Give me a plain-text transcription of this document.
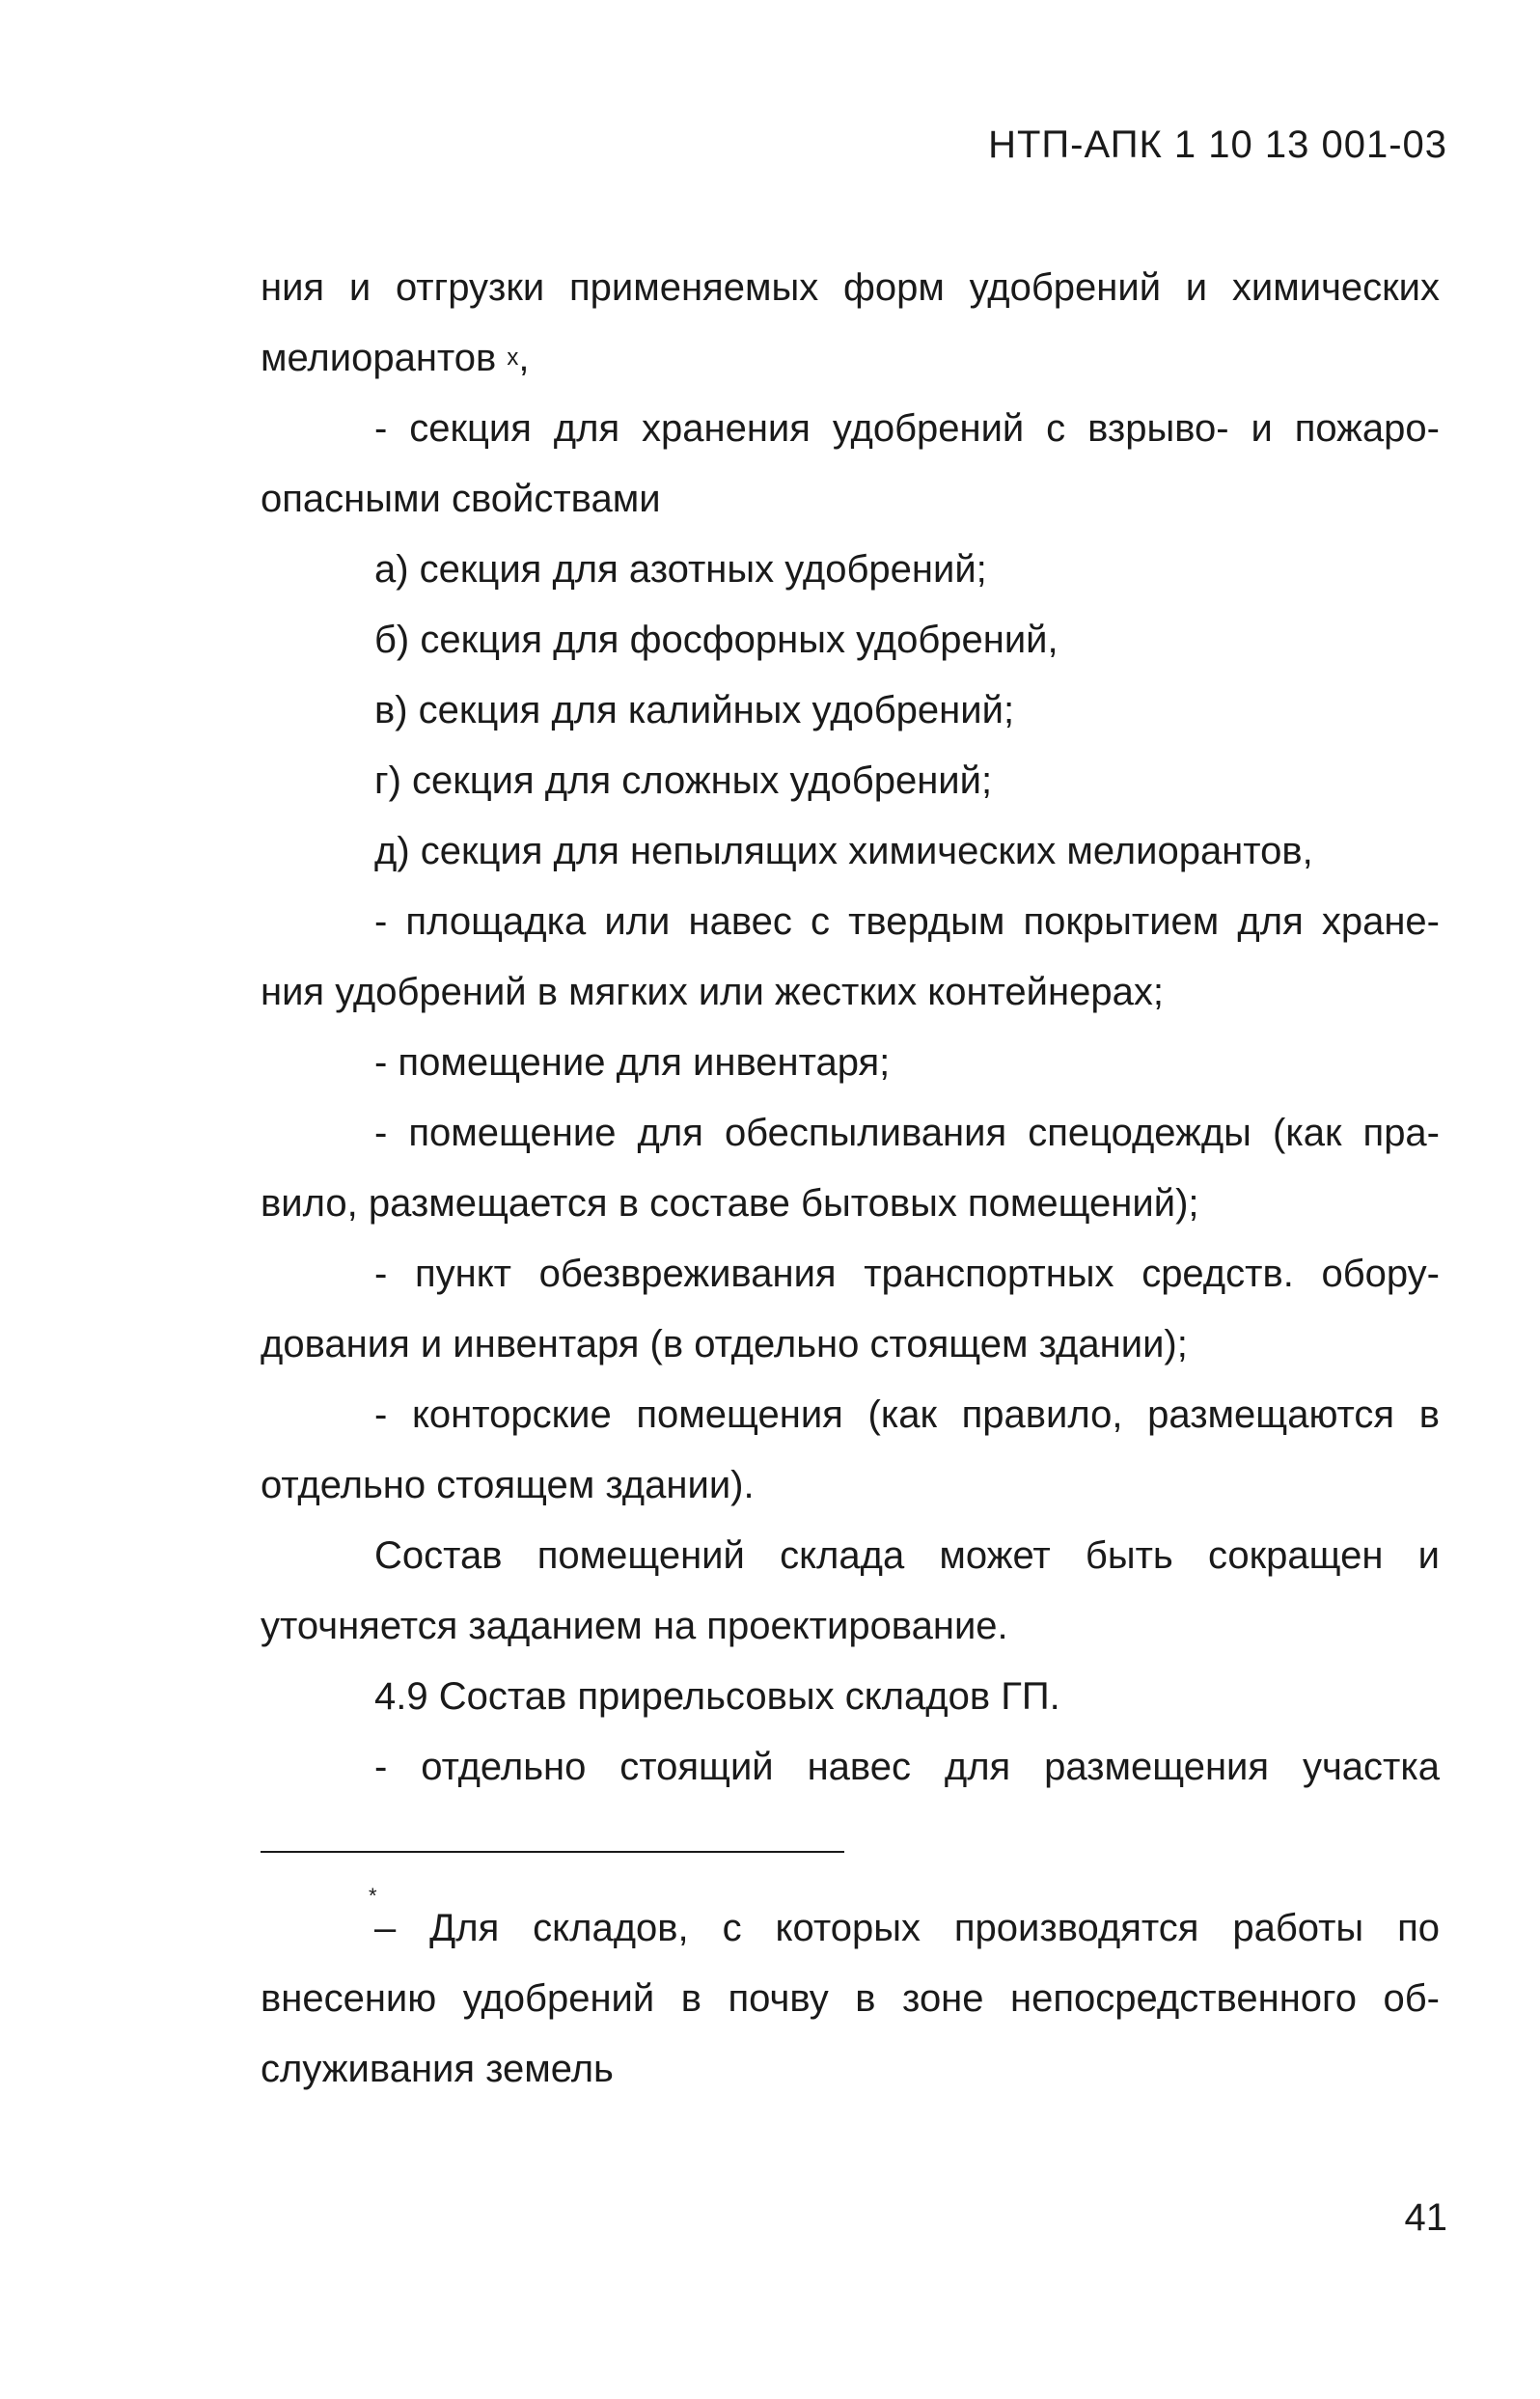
НТП-АПК 1 10 13 001-03
ния и отгрузки применяемых форм удобрений и химических
мелиорантов $^х$,
- секция для хранения удобрений с взрыво- и пожаро-
опасными свойствами
а) секция для азотных удобрений;
б) секция для фосфорных удобрений,
в) секция для калийных удобрений;
г) секция для сложных удобрений;
д) секция для непылящих химических мелиорантов,
- площадка или навес с твердым покрытием для хране-
ния удобрений в мягких или жестких контейнерах;
- помещение для инвентаря;
- помещение для обеспыливания спецодежды (как пра-
вило, размещается в составе бытовых помещений);
- пункт обезвреживания транспортных средств. обору-
дования и инвентаря (в отдельно стоящем здании);
- конторские помещения (как правило, размещаются в
отдельно стоящем здании).
Состав помещений склада может быть сокращен и
уточняется заданием на проектирование.
4.9 Состав прирельсовых складов ГП.
- отдельно стоящий навес для размещения участка
*
– Для складов, с которых производятся работы по
внесению удобрений в почву в зоне непосредственного об-
служивания земель
41
